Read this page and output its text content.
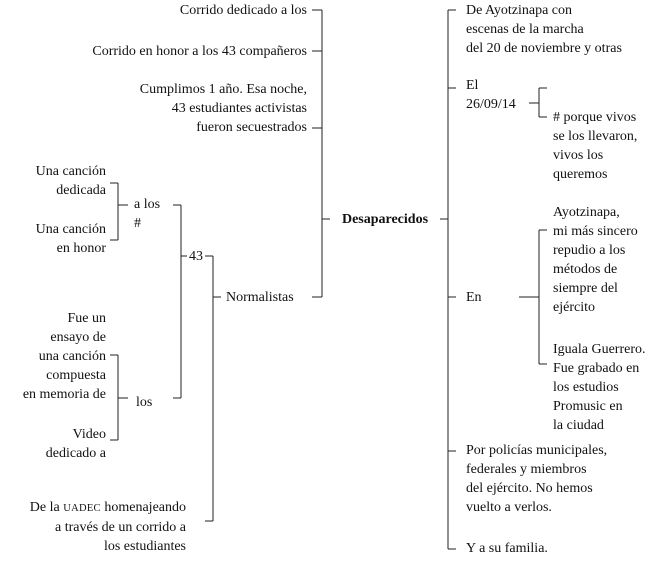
Desaparecidos
Corrido dedicado a los
Corrido en honor a los 43 compañeros
Cumplimos 1 año. Esa noche,
43 estudiantes activistas
fueron secuestrados
Normalistas
43
a los
#
los
Una canción
dedicada
Una canción
en honor
Fue un
ensayo de
una canción
compuesta
en memoria de
Video
dedicado a
De la UADEC homenajeando
a través de un corrido a
los estudiantes
De Ayotzinapa con
escenas de la marcha
del 20 de noviembre y otras
El
26/09/14
# porque vivos
se los llevaron,
vivos los
queremos
En
Ayotzinapa,
mi más sincero
repudio a los
métodos de
siempre del
ejército
Iguala Guerrero.
Fue grabado en
los estudios
Promusic en
la ciudad
Por policías municipales,
federales y miembros
del ejército. No hemos
vuelto a verlos.
Y a su familia.
